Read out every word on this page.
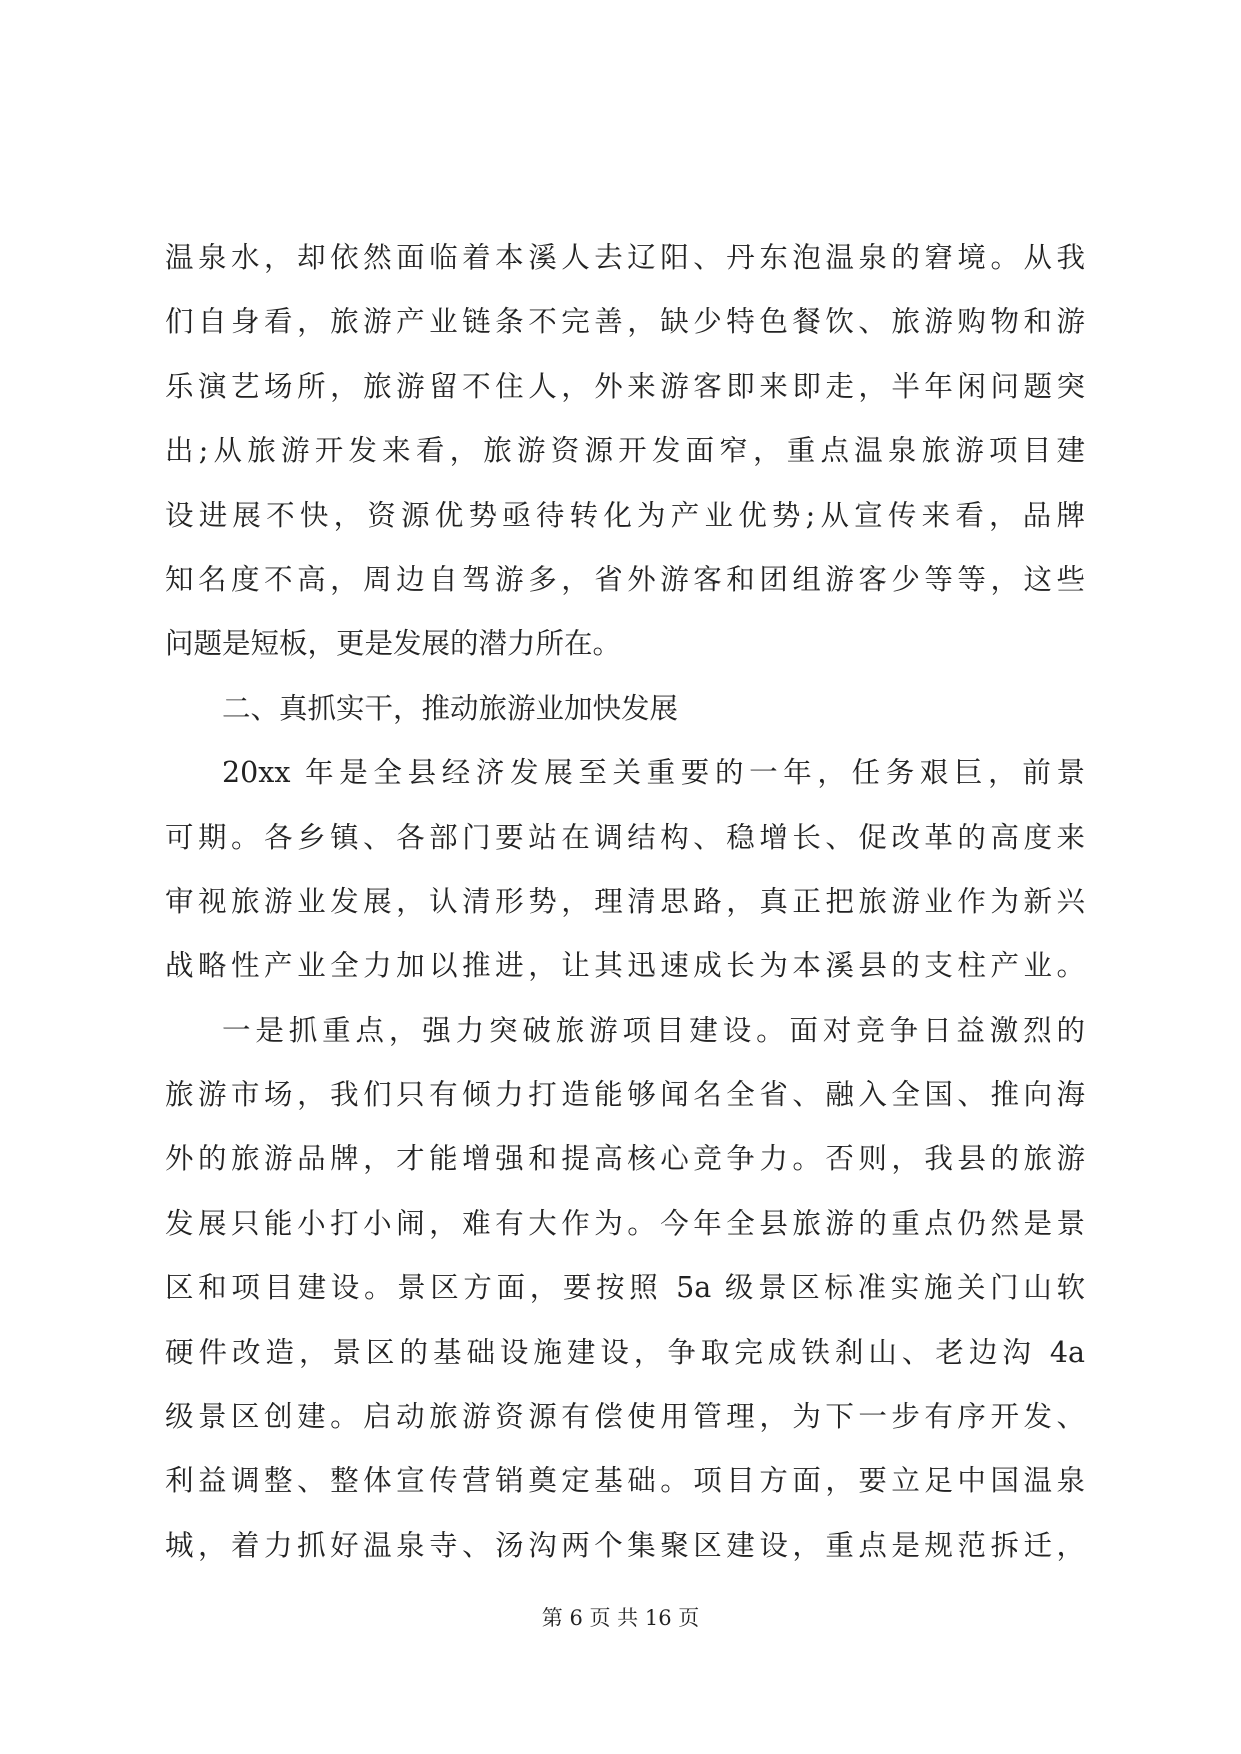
温泉水，却依然面临着本溪人去辽阳、丹东泡温泉的窘境。从我
们自身看，旅游产业链条不完善，缺少特色餐饮、旅游购物和游
乐演艺场所，旅游留不住人，外来游客即来即走，半年闲问题突
出;从旅游开发来看，旅游资源开发面窄，重点温泉旅游项目建
设进展不快，资源优势亟待转化为产业优势;从宣传来看，品牌
知名度不高，周边自驾游多，省外游客和团组游客少等等，这些
问题是短板，更是发展的潜力所在。
二、真抓实干，推动旅游业加快发展
20xx 年是全县经济发展至关重要的一年，任务艰巨，前景
可期。各乡镇、各部门要站在调结构、稳增长、促改革的高度来
审视旅游业发展，认清形势，理清思路，真正把旅游业作为新兴
战略性产业全力加以推进，让其迅速成长为本溪县的支柱产业。
一是抓重点，强力突破旅游项目建设。面对竞争日益激烈的
旅游市场，我们只有倾力打造能够闻名全省、融入全国、推向海
外的旅游品牌，才能增强和提高核心竞争力。否则，我县的旅游
发展只能小打小闹，难有大作为。今年全县旅游的重点仍然是景
区和项目建设。景区方面，要按照 5a 级景区标准实施关门山软
硬件改造，景区的基础设施建设，争取完成铁刹山、老边沟 4a
级景区创建。启动旅游资源有偿使用管理，为下一步有序开发、
利益调整、整体宣传营销奠定基础。项目方面，要立足中国温泉
城，着力抓好温泉寺、汤沟两个集聚区建设，重点是规范拆迁，
第 6 页 共 16 页
